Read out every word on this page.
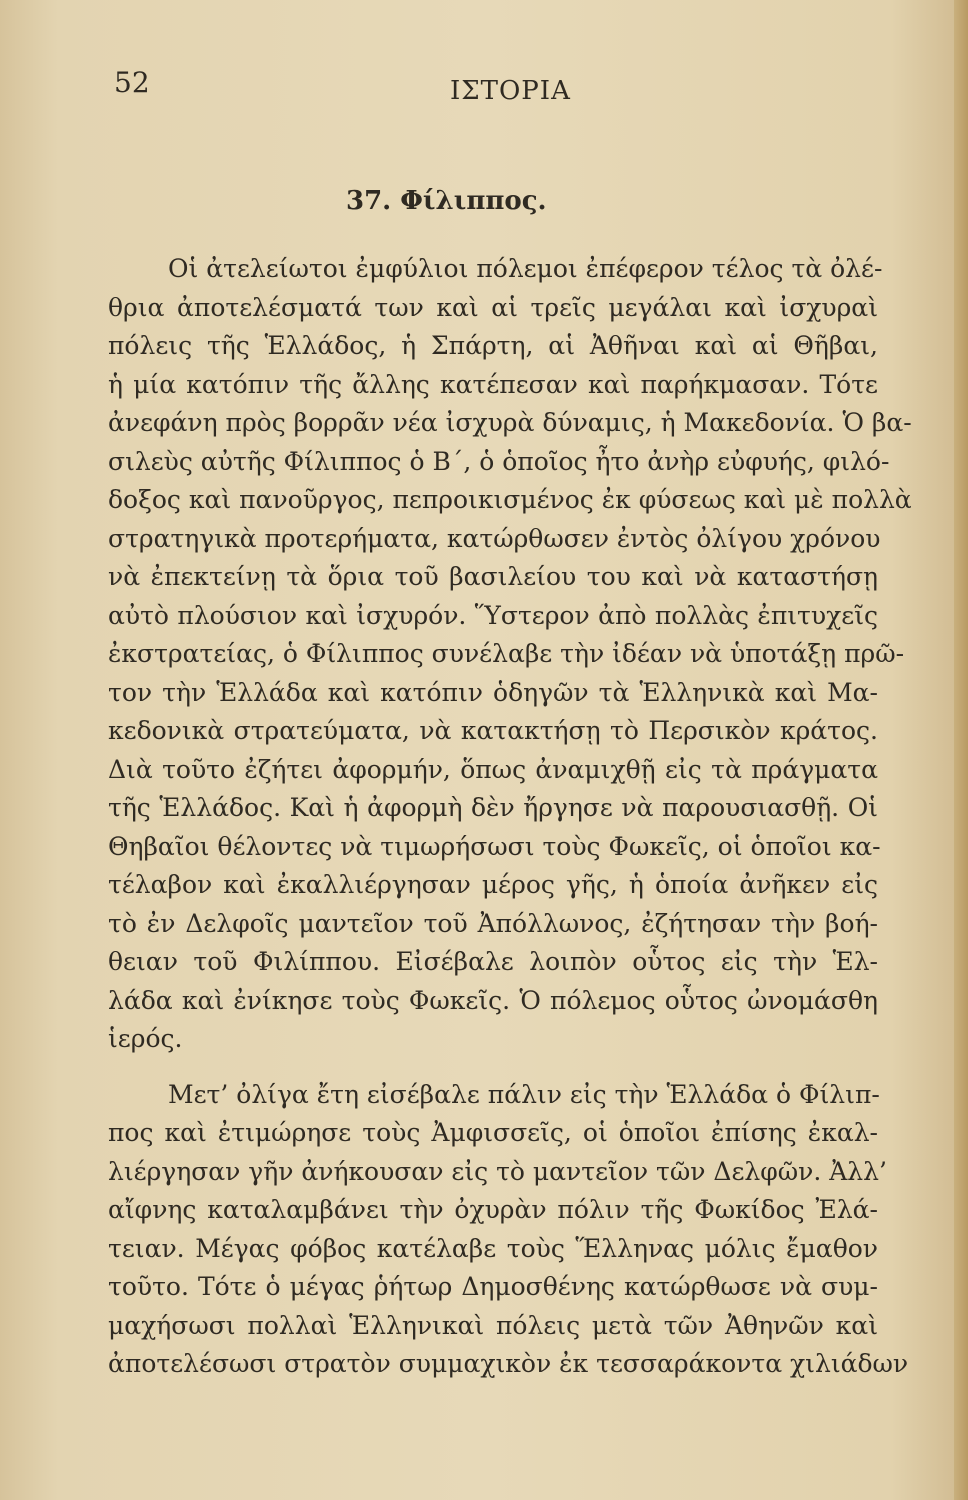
52	ΙΣΤΟΡΙΑ
37. Φίλιππος.
Οἱ ἀτελείωτοι ἐμφύλιοι πόλεμοι ἐπέφερον τέλος τὰ ὀλέ-
θρια ἀποτελέσματά των καὶ αἱ τρεῖς μεγάλαι καὶ ἰσχυραὶ
πόλεις τῆς Ἑλλάδος, ἡ Σπάρτη, αἱ Ἀθῆναι καὶ αἱ Θῆβαι,
ἡ μία κατόπιν τῆς ἄλλης κατέπεσαν καὶ παρήκμασαν. Τότε
ἀνεφάνη πρὸς βορρᾶν νέα ἰσχυρὰ δύναμις, ἡ Μακεδονία. Ὁ βα-
σιλεὺς αὐτῆς Φίλιππος ὁ Β΄, ὁ ὁποῖος ἦτο ἀνὴρ εὐφυής, φιλό-
δοξος καὶ πανοῦργος, πεπροικισμένος ἐκ φύσεως καὶ μὲ πολλὰ
στρατηγικὰ προτερήματα, κατώρθωσεν ἐντὸς ὀλίγου χρόνου
νὰ ἐπεκτείνῃ τὰ ὅρια τοῦ βασιλείου του καὶ νὰ καταστήσῃ
αὐτὸ πλούσιον καὶ ἰσχυρόν. Ὕστερον ἀπὸ πολλὰς ἐπιτυχεῖς
ἐκστρατείας, ὁ Φίλιππος συνέλαβε τὴν ἰδέαν νὰ ὑποτάξῃ πρῶ-
τον τὴν Ἑλλάδα καὶ κατόπιν ὁδηγῶν τὰ Ἑλληνικὰ καὶ Μα-
κεδονικὰ στρατεύματα, νὰ κατακτήσῃ τὸ Περσικὸν κράτος.
Διὰ τοῦτο ἐζήτει ἀφορμήν, ὅπως ἀναμιχθῇ εἰς τὰ πράγματα
τῆς Ἑλλάδος. Καὶ ἡ ἀφορμὴ δὲν ἤργησε νὰ παρουσιασθῇ. Οἱ
Θηβαῖοι θέλοντες νὰ τιμωρήσωσι τοὺς Φωκεῖς, οἱ ὁποῖοι κα-
τέλαβον καὶ ἐκαλλιέργησαν μέρος γῆς, ἡ ὁποία ἀνῆκεν εἰς
τὸ ἐν Δελφοῖς μαντεῖον τοῦ Ἀπόλλωνος, ἐζήτησαν τὴν βοή-
θειαν τοῦ Φιλίππου. Εἰσέβαλε λοιπὸν οὗτος εἰς τὴν Ἑλ-
λάδα καὶ ἐνίκησε τοὺς Φωκεῖς. Ὁ πόλεμος οὗτος ὠνομάσθη
ἱερός.
Μετ’ ὀλίγα ἔτη εἰσέβαλε πάλιν εἰς τὴν Ἑλλάδα ὁ Φίλιπ-
πος καὶ ἐτιμώρησε τοὺς Ἀμφισσεῖς, οἱ ὁποῖοι ἐπίσης ἐκαλ-
λιέργησαν γῆν ἀνήκουσαν εἰς τὸ μαντεῖον τῶν Δελφῶν. Ἀλλ’
αἴφνης καταλαμβάνει τὴν ὀχυρὰν πόλιν τῆς Φωκίδος Ἐλά-
τειαν. Μέγας φόβος κατέλαβε τοὺς Ἕλληνας μόλις ἔμαθον
τοῦτο. Τότε ὁ μέγας ῥήτωρ Δημοσθένης κατώρθωσε νὰ συμ-
μαχήσωσι πολλαὶ Ἑλληνικαὶ πόλεις μετὰ τῶν Ἀθηνῶν καὶ
ἀποτελέσωσι στρατὸν συμμαχικὸν ἐκ τεσσαράκοντα χιλιάδων
